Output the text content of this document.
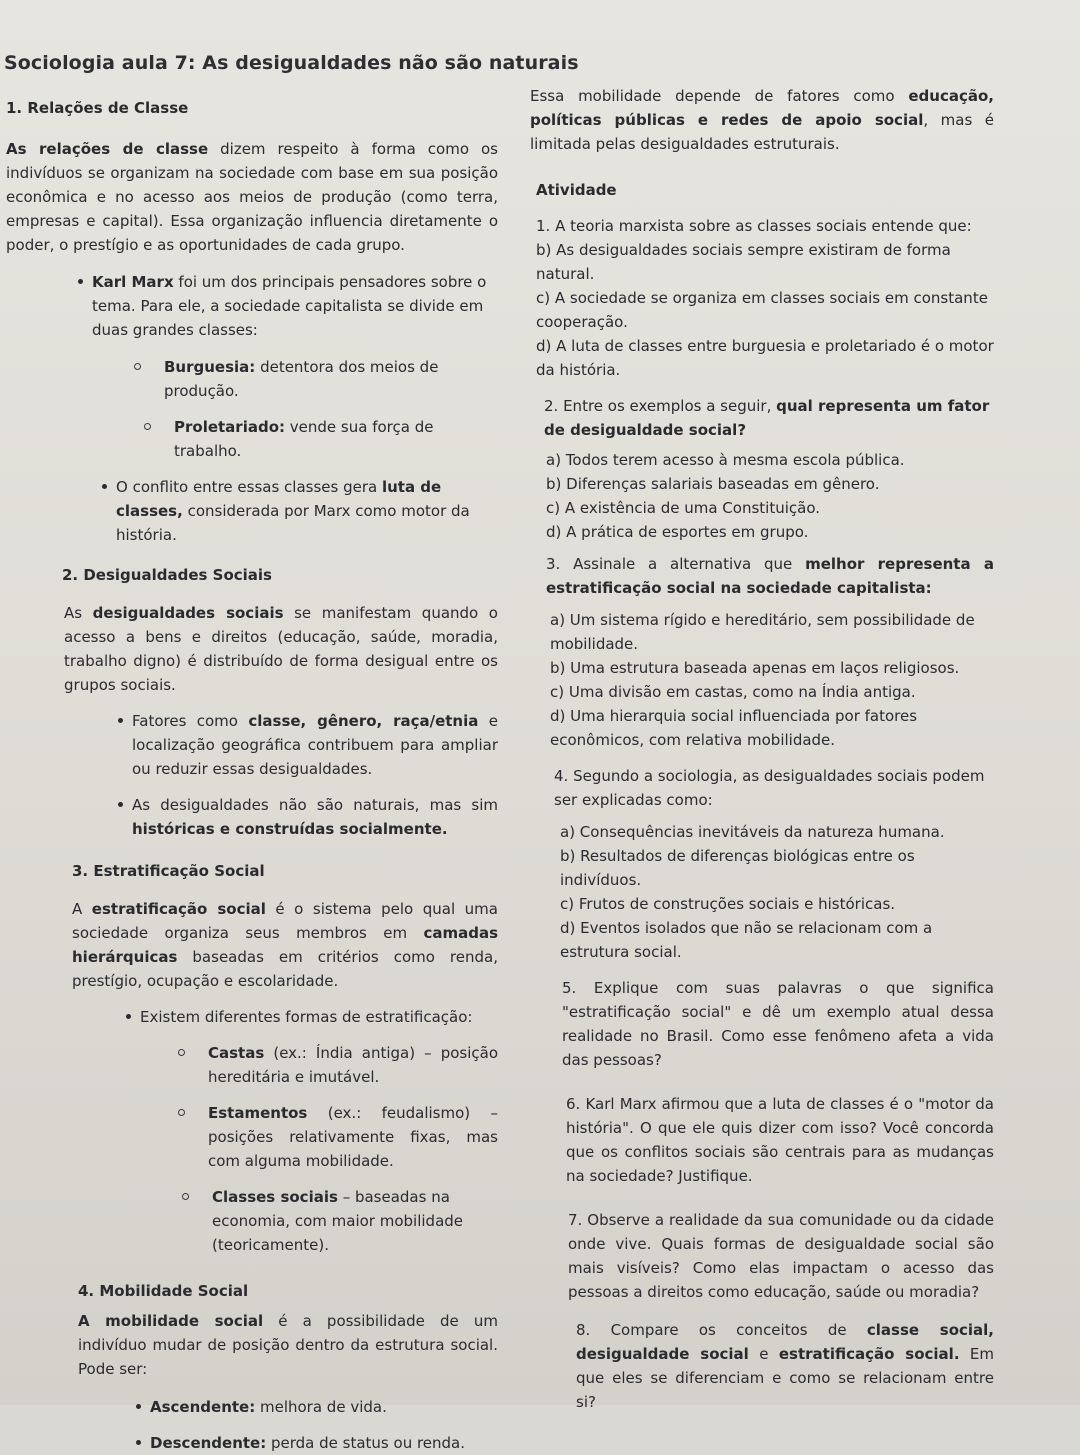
Sociologia aula 7: As desigualdades não são naturais
1. Relações de Classe

As relações de classe dizem respeito à forma como os indivíduos se organizam na sociedade com base em sua posição econômica e no acesso aos meios de produção (como terra, empresas e capital). Essa organização influencia diretamente o poder, o prestígio e as oportunidades de cada grupo.

Karl Marx foi um dos principais pensadores sobre o tema. Para ele, a sociedade capitalista se divide em duas grandes classes:

Burguesia: detentora dos meios de produção.

Proletariado: vende sua força de trabalho.

O conflito entre essas classes gera luta de classes, considerada por Marx como motor da história.

2. Desigualdades Sociais

As desigualdades sociais se manifestam quando o acesso a bens e direitos (educação, saúde, moradia, trabalho digno) é distribuído de forma desigual entre os grupos sociais.

Fatores como classe, gênero, raça/etnia e localização geográfica contribuem para ampliar ou reduzir essas desigualdades.

As desigualdades não são naturais, mas sim históricas e construídas socialmente.

3. Estratificação Social

A estratificação social é o sistema pelo qual uma sociedade organiza seus membros em camadas hierárquicas baseadas em critérios como renda, prestígio, ocupação e escolaridade.

Existem diferentes formas de estratificação:

Castas (ex.: Índia antiga) – posição hereditária e imutável.

Estamentos (ex.: feudalismo) – posições relativamente fixas, mas com alguma mobilidade.

Classes sociais – baseadas na economia, com maior mobilidade (teoricamente).

4. Mobilidade Social

A mobilidade social é a possibilidade de um indivíduo mudar de posição dentro da estrutura social. Pode ser:

Ascendente: melhora de vida.

Descendente: perda de status ou renda.

Essa mobilidade depende de fatores como educação, políticas públicas e redes de apoio social, mas é limitada pelas desigualdades estruturais.

Atividade

1. A teoria marxista sobre as classes sociais entende que:

b) As desigualdades sociais sempre existiram de forma natural.

c) A sociedade se organiza em classes sociais em constante cooperação.

d) A luta de classes entre burguesia e proletariado é o motor da história.

2. Entre os exemplos a seguir, qual representa um fator de desigualdade social?

a) Todos terem acesso à mesma escola pública.

b) Diferenças salariais baseadas em gênero.

c) A existência de uma Constituição.

d) A prática de esportes em grupo.

3. Assinale a alternativa que melhor representa a estratificação social na sociedade capitalista:

a) Um sistema rígido e hereditário, sem possibilidade de mobilidade.

b) Uma estrutura baseada apenas em laços religiosos.

c) Uma divisão em castas, como na Índia antiga.

d) Uma hierarquia social influenciada por fatores econômicos, com relativa mobilidade.

4. Segundo a sociologia, as desigualdades sociais podem ser explicadas como:

a) Consequências inevitáveis da natureza humana.

b) Resultados de diferenças biológicas entre os indivíduos.

c) Frutos de construções sociais e históricas.

d) Eventos isolados que não se relacionam com a estrutura social.

5. Explique com suas palavras o que significa "estratificação social" e dê um exemplo atual dessa realidade no Brasil. Como esse fenômeno afeta a vida das pessoas?

6. Karl Marx afirmou que a luta de classes é o "motor da história". O que ele quis dizer com isso? Você concorda que os conflitos sociais são centrais para as mudanças na sociedade? Justifique.

7. Observe a realidade da sua comunidade ou da cidade onde vive. Quais formas de desigualdade social são mais visíveis? Como elas impactam o acesso das pessoas a direitos como educação, saúde ou moradia?

8. Compare os conceitos de classe social, desigualdade social e estratificação social. Em que eles se diferenciam e como se relacionam entre si?
